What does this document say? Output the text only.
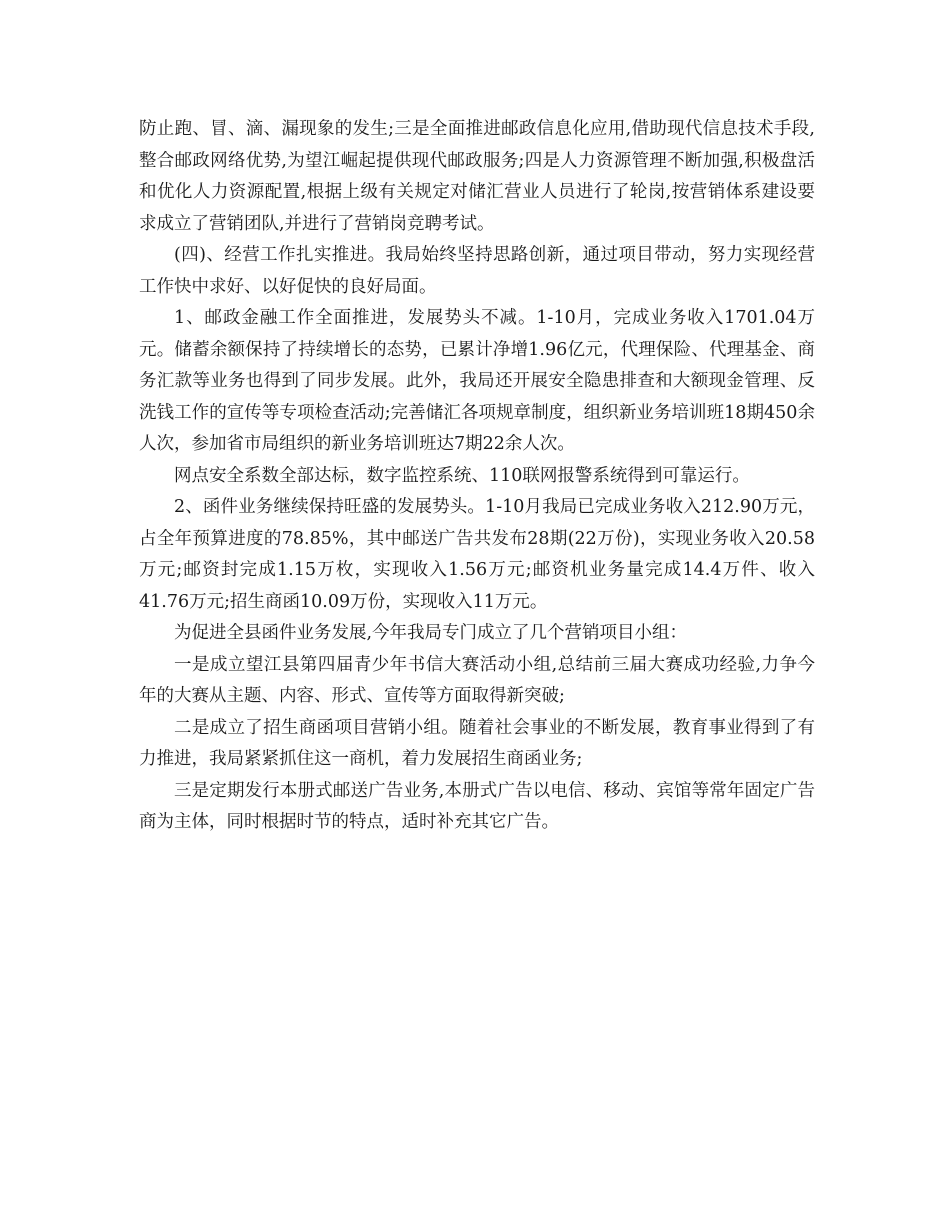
防止跑、冒、滴、漏现象的发生;三是全面推进邮政信息化应用,借助现代信息技术手段,整合邮政网络优势,为望江崛起提供现代邮政服务;四是人力资源管理不断加强,积极盘活和优化人力资源配置,根据上级有关规定对储汇营业人员进行了轮岗,按营销体系建设要求成立了营销团队,并进行了营销岗竞聘考试。

(四)、经营工作扎实推进。我局始终坚持思路创新，通过项目带动，努力实现经营工作快中求好、以好促快的良好局面。

1、邮政金融工作全面推进，发展势头不减。1-10月，完成业务收入1701.04万元。储蓄余额保持了持续增长的态势，已累计净增1.96亿元，代理保险、代理基金、商务汇款等业务也得到了同步发展。此外，我局还开展安全隐患排查和大额现金管理、反洗钱工作的宣传等专项检查活动;完善储汇各项规章制度，组织新业务培训班18期450余人次，参加省市局组织的新业务培训班达7期22余人次。

网点安全系数全部达标，数字监控系统、110联网报警系统得到可靠运行。

2、函件业务继续保持旺盛的发展势头。1-10月我局已完成业务收入212.90万元，占全年预算进度的78.85%，其中邮送广告共发布28期(22万份)，实现业务收入20.58万元;邮资封完成1.15万枚，实现收入1.56万元;邮资机业务量完成14.4万件、收入41.76万元;招生商函10.09万份，实现收入11万元。

为促进全县函件业务发展,今年我局专门成立了几个营销项目小组：

一是成立望江县第四届青少年书信大赛活动小组,总结前三届大赛成功经验,力争今年的大赛从主题、内容、形式、宣传等方面取得新突破;

二是成立了招生商函项目营销小组。随着社会事业的不断发展，教育事业得到了有力推进，我局紧紧抓住这一商机，着力发展招生商函业务;

三是定期发行本册式邮送广告业务,本册式广告以电信、移动、宾馆等常年固定广告商为主体，同时根据时节的特点，适时补充其它广告。
